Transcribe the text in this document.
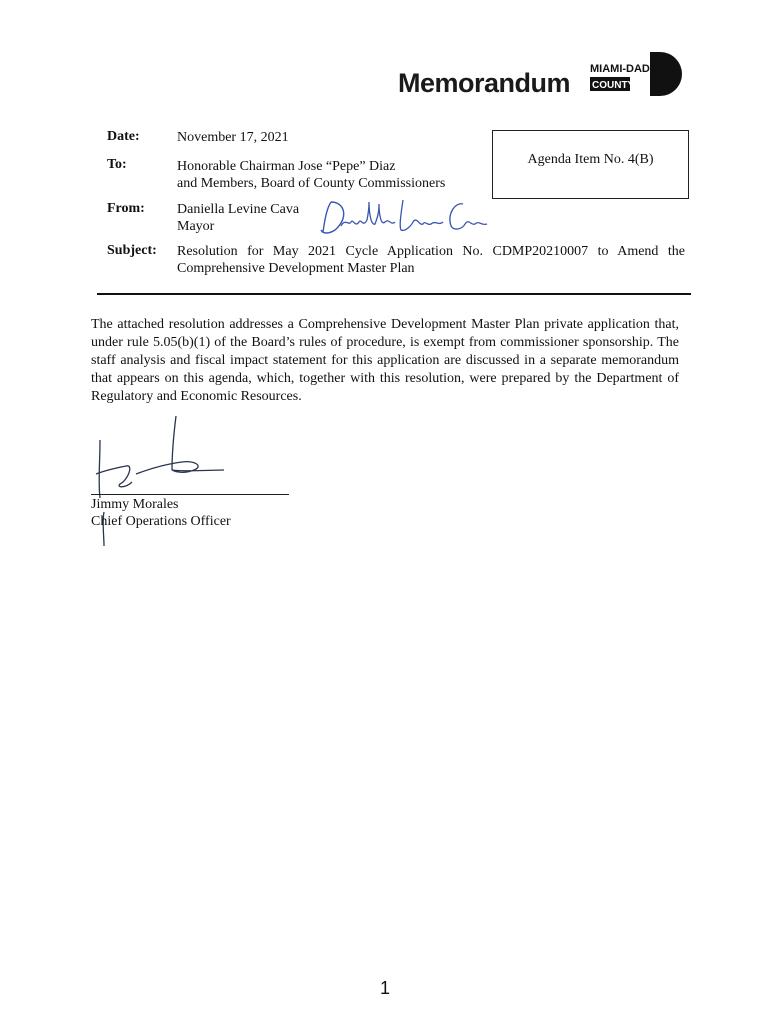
Memorandum MIAMI-DADE
COUNTY
Date:	November 17, 2021
To:	Honorable Chairman Jose “Pepe” Diaz
and Members, Board of County Commissioners
From: Daniella Levine Cava
Mayor
Subject: Resolution for May 2021 Cycle Application No. CDMP20210007 to Amend the
Comprehensive Development Master Plan
Agenda Item No. 4(B)
The attached resolution addresses a Comprehensive Development Master Plan private application that, under rule 5.05(b)(1) of the Board’s rules of procedure, is exempt from commissioner sponsorship. The staff analysis and fiscal impact statement for this application are discussed in a separate memorandum that appears on this agenda, which, together with this resolution, were prepared by the Department of Regulatory and Economic Resources.
Jimmy Morales
Chief Operations Officer
1
